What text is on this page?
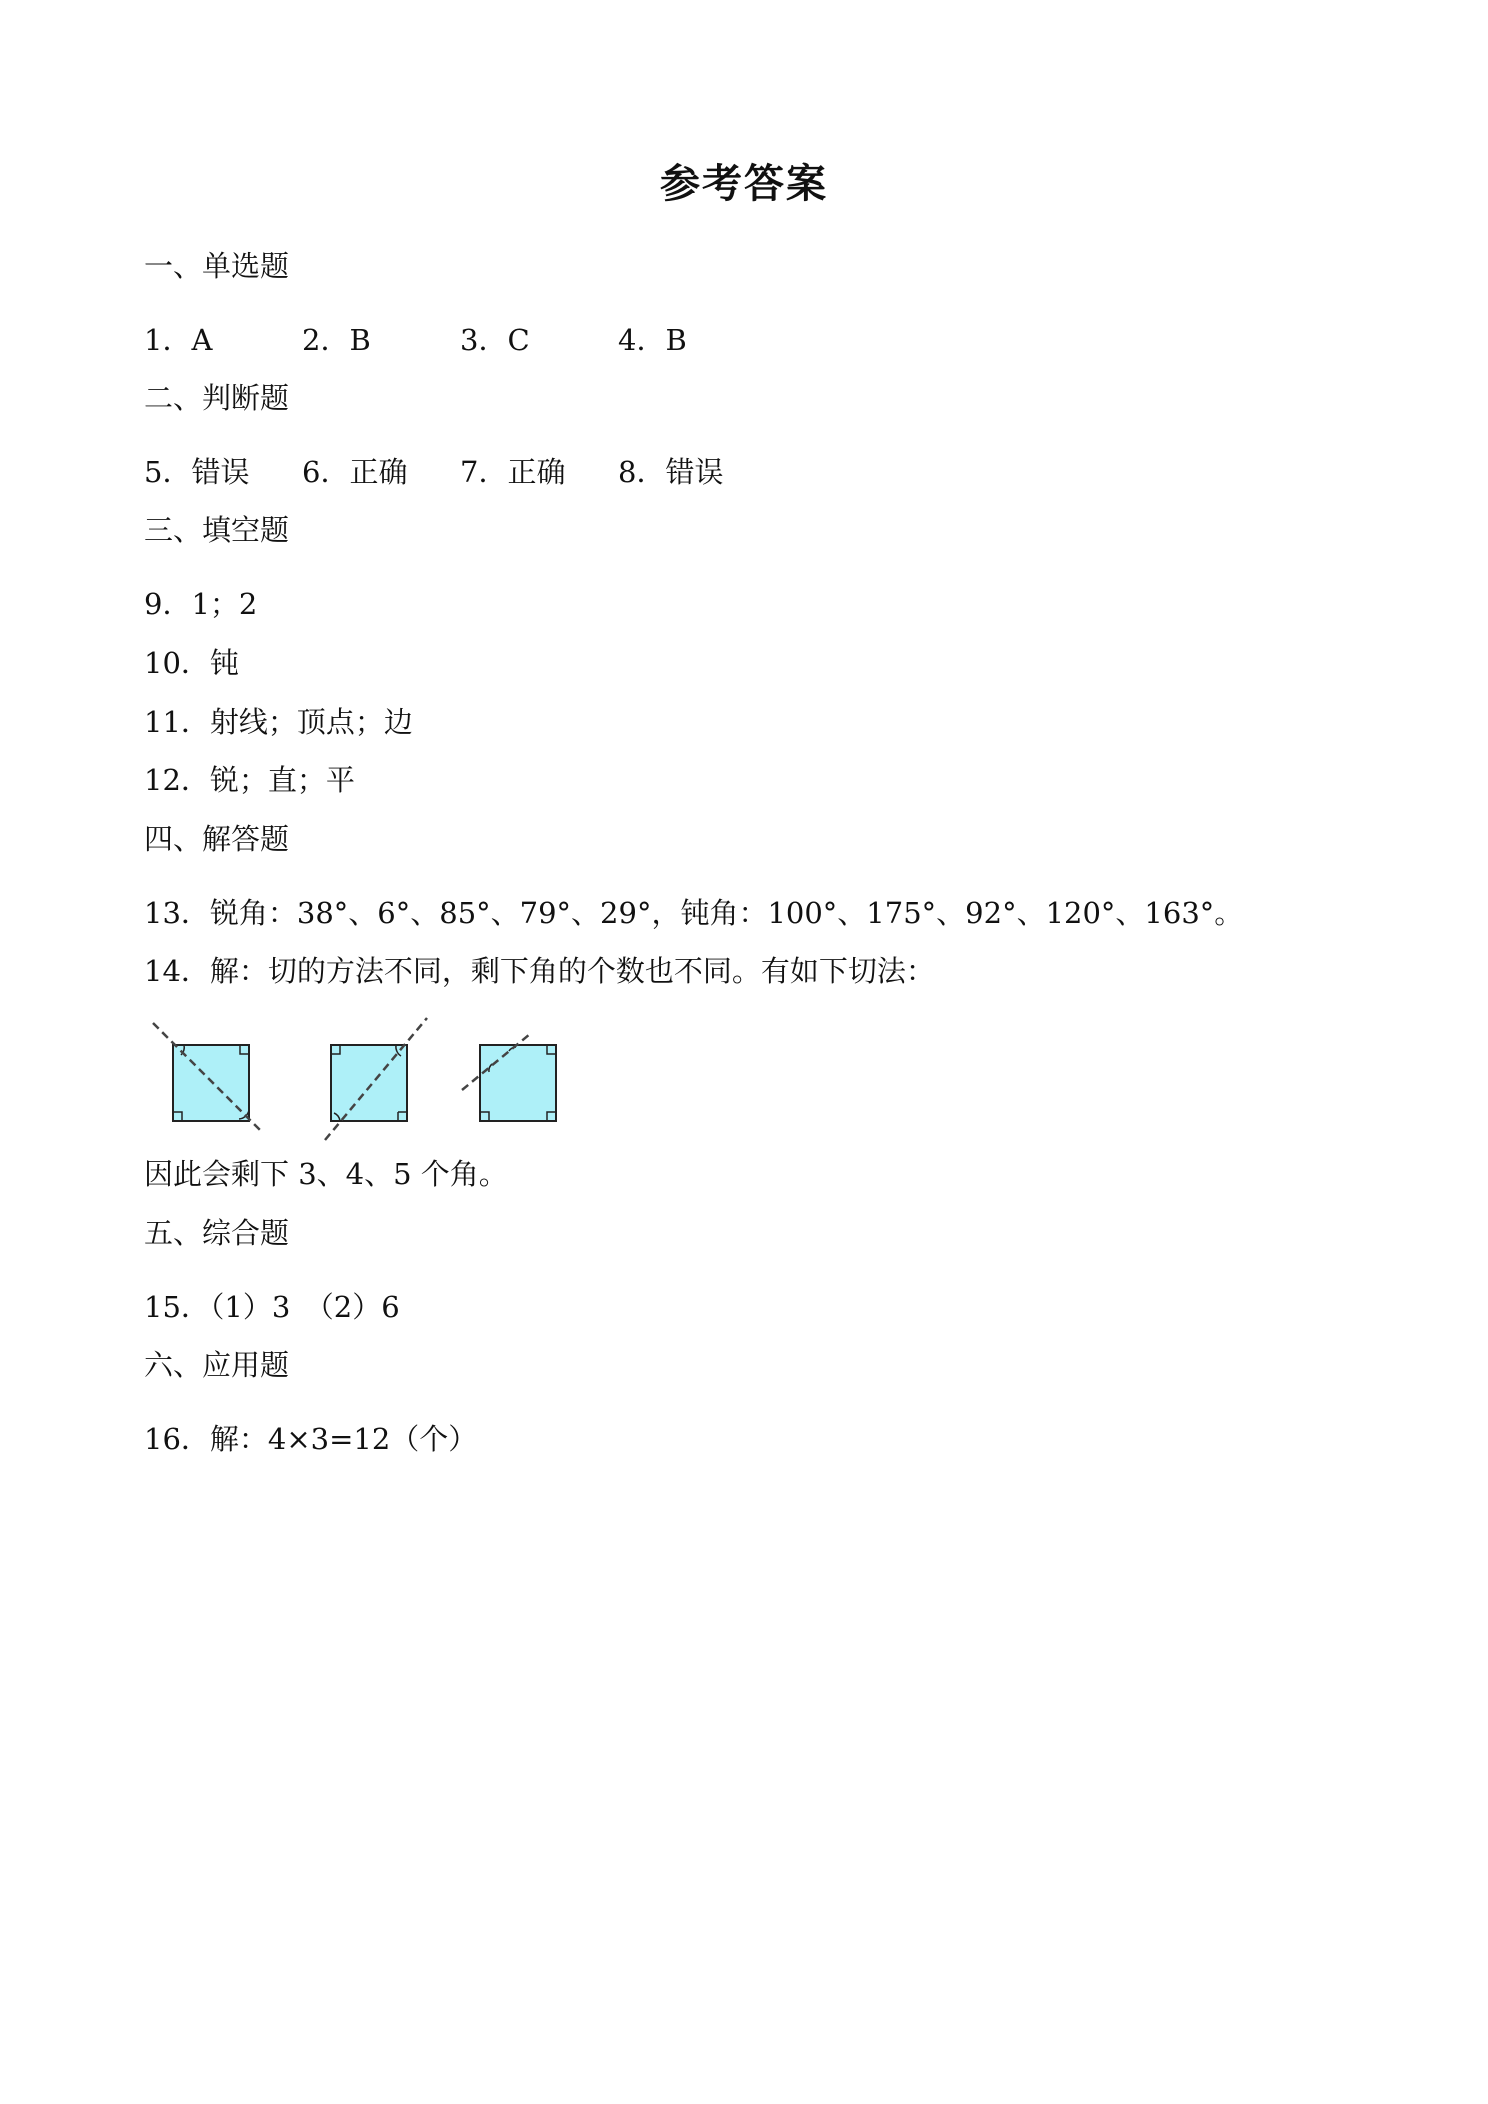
参考答案
一、单选题
1．A	2．B	3．C	4．B
二、判断题
5．错误 6．正确 7．正确 8．错误
三、填空题
9．1；2
10．钝
11．射线；顶点；边
12．锐；直；平
四、解答题
13．锐角：38°、6°、85°、79°、29°，钝角：100°、175°、92°、120°、163°。
14．解：切的方法不同，剩下角的个数也不同。有如下切法：
因此会剩下 3、4、5 个角。
五、综合题
15．（1）3　（2）6
六、应用题
16．解：4×3=12（个）
